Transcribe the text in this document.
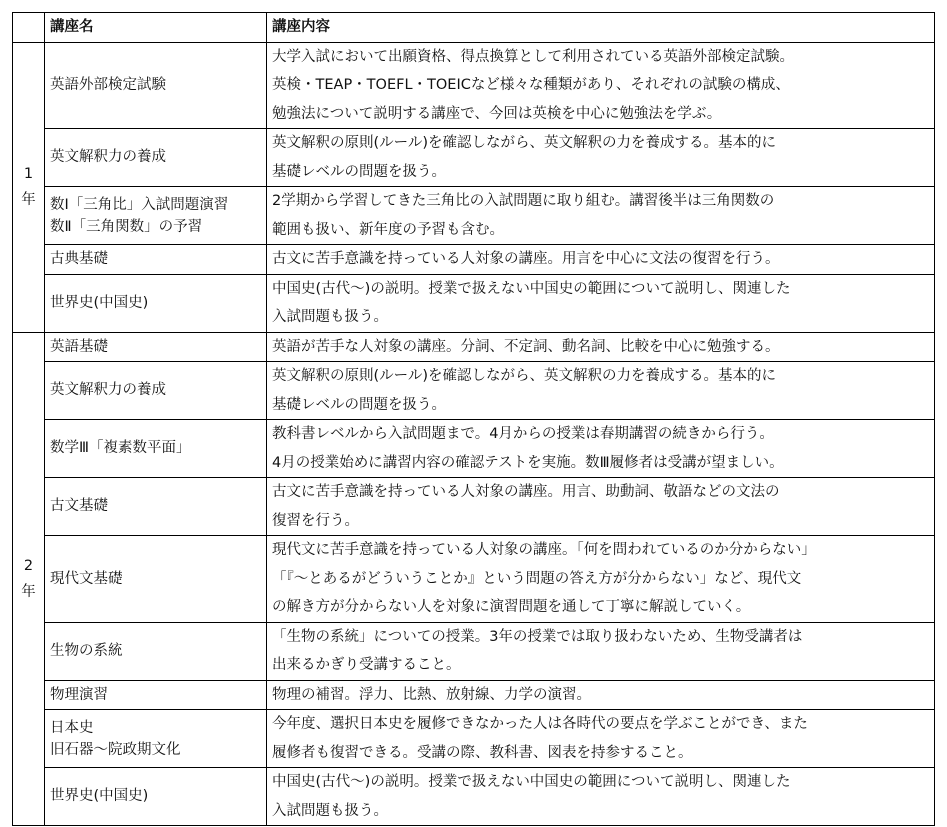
	講座名	講座内容

1
年	英語外部検定試験	大学入試において出願資格、得点換算として利用されている英語外部検定試験。
英検・TEAP・TOEFL・TOEICなど様々な種類があり、それぞれの試験の構成、
勉強法について説明する講座で、今回は英検を中心に勉強法を学ぶ。

	英文解釈力の養成	英文解釈の原則(ルール)を確認しながら、英文解釈の力を養成する。基本的に
基礎レベルの問題を扱う。

	数Ⅰ「三角比」入試問題演習
数Ⅱ「三角関数」の予習	2学期から学習してきた三角比の入試問題に取り組む。講習後半は三角関数の
範囲も扱い、新年度の予習も含む。

	古典基礎	古文に苦手意識を持っている人対象の講座。用言を中心に文法の復習を行う。

	世界史(中国史)	中国史(古代～)の説明。授業で扱えない中国史の範囲について説明し、関連した
入試問題も扱う。

2
年	英語基礎	英語が苦手な人対象の講座。分詞、不定詞、動名詞、比較を中心に勉強する。

	英文解釈力の養成	英文解釈の原則(ルール)を確認しながら、英文解釈の力を養成する。基本的に
基礎レベルの問題を扱う。

	数学Ⅲ「複素数平面」	教科書レベルから入試問題まで。4月からの授業は春期講習の続きから行う。
4月の授業始めに講習内容の確認テストを実施。数Ⅲ履修者は受講が望ましい。

	古文基礎	古文に苦手意識を持っている人対象の講座。用言、助動詞、敬語などの文法の
復習を行う。

	現代文基礎	現代文に苦手意識を持っている人対象の講座。「何を問われているのか分からない」
「『～とあるがどういうことか』という問題の答え方が分からない」など、現代文
の解き方が分からない人を対象に演習問題を通して丁寧に解説していく。

	生物の系統	「生物の系統」についての授業。3年の授業では取り扱わないため、生物受講者は
出来るかぎり受講すること。

	物理演習	物理の補習。浮力、比熱、放射線、力学の演習。

	日本史
旧石器～院政期文化	今年度、選択日本史を履修できなかった人は各時代の要点を学ぶことができ、また
履修者も復習できる。受講の際、教科書、図表を持参すること。

	世界史(中国史)	中国史(古代～)の説明。授業で扱えない中国史の範囲について説明し、関連した
入試問題も扱う。
